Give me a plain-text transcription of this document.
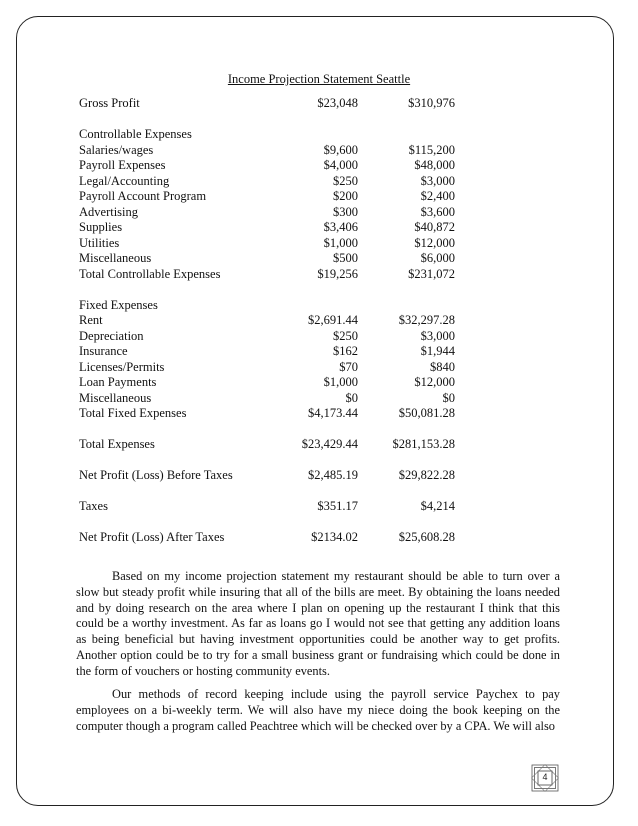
Income Projection Statement Seattle
Gross Profit	$23,048	$310,976
Controllable Expenses
Salaries/wages	$9,600	$115,200
Payroll Expenses	$4,000	$48,000
Legal/Accounting	$250	$3,000
Payroll Account Program	$200	$2,400
Advertising	$300	$3,600
Supplies	$3,406	$40,872
Utilities	$1,000	$12,000
Miscellaneous	$500	$6,000
Total Controllable Expenses	$19,256	$231,072
Fixed Expenses
Rent	$2,691.44	$32,297.28
Depreciation	$250	$3,000
Insurance	$162	$1,944
Licenses/Permits	$70	$840
Loan Payments	$1,000	$12,000
Miscellaneous	$0	$0
Total Fixed Expenses	$4,173.44	$50,081.28
Total Expenses	$23,429.44	$281,153.28
Net Profit (Loss) Before Taxes	$2,485.19	$29,822.28
Taxes	$351.17	$4,214
Net Profit (Loss) After Taxes	$2134.02	$25,608.28

Based on my income projection statement my restaurant should be able to turn over a slow but steady profit while insuring that all of the bills are meet. By obtaining the loans needed and by doing research on the area where I plan on opening up the restaurant I think that this could be a worthy investment. As far as loans go I would not see that getting any addition loans as being beneficial but having investment opportunities could be another way to get profits. Another option could be to try for a small business grant or fundraising which could be done in the form of vouchers or hosting community events.

Our methods of record keeping include using the payroll service Paychex to pay employees on a bi-weekly term. We will also have my niece doing the book keeping on the computer though a program called Peachtree which will be checked over by a CPA. We will also

4
